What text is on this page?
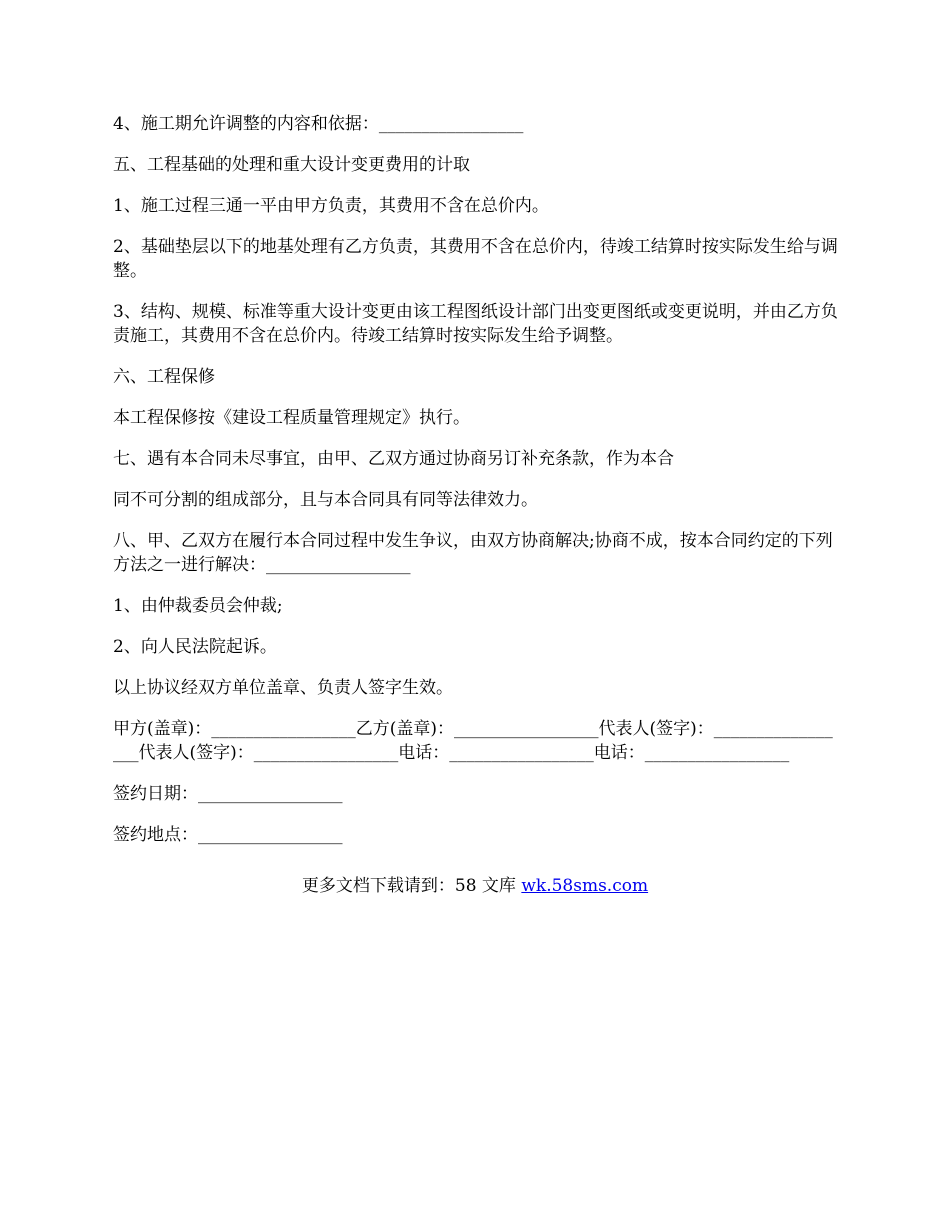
4、施工期允许调整的内容和依据：_________________

五、工程基础的处理和重大设计变更费用的计取

1、施工过程三通一平由甲方负责，其费用不含在总价内。

2、基础垫层以下的地基处理有乙方负责，其费用不含在总价内，待竣工结算时按实际发生给与调整。

3、结构、规模、标准等重大设计变更由该工程图纸设计部门出变更图纸或变更说明，并由乙方负责施工，其费用不含在总价内。待竣工结算时按实际发生给予调整。

六、工程保修

本工程保修按《建设工程质量管理规定》执行。

七、遇有本合同未尽事宜，由甲、乙双方通过协商另订补充条款，作为本合

同不可分割的组成部分，且与本合同具有同等法律效力。

八、甲、乙双方在履行本合同过程中发生争议，由双方协商解决;协商不成，按本合同约定的下列方法之一进行解决：_________________

1、由仲裁委员会仲裁;

2、向人民法院起诉。

以上协议经双方单位盖章、负责人签字生效。

甲方(盖章)：_________________乙方(盖章)：_________________代表人(签字)：_________________代表人(签字)：_________________电话：_________________电话：_________________

签约日期：_________________

签约地点：_________________

更多文档下载请到：58 文库 wk.58sms.com
